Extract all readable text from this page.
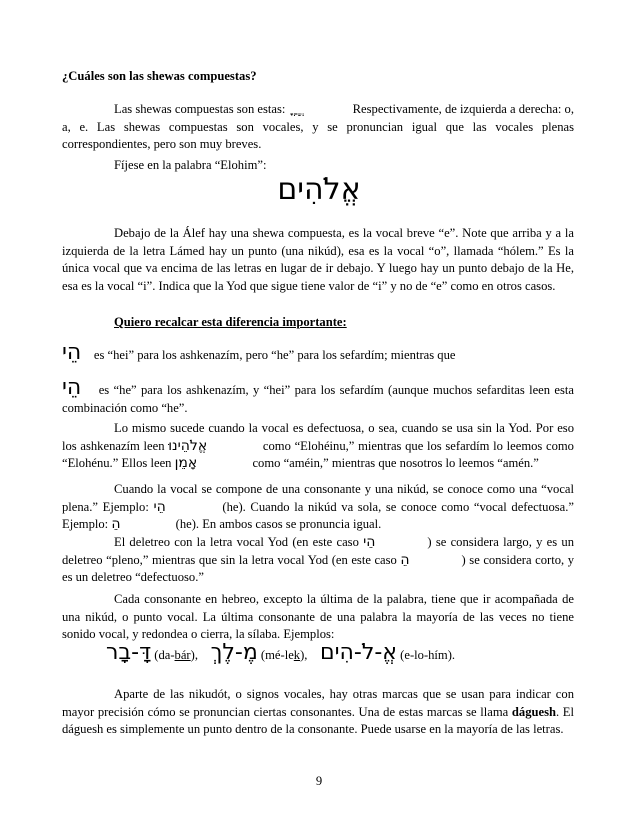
¿Cuáles son las shewas compuestas?
Las shewas compuestas son estas: ֱ ֲ ֳ	Respectivamente, de izquierda a derecha: o, a, e. Las shewas compuestas son vocales, y se pronuncian igual que las vocales plenas correspondientes, pero son muy breves.
Fíjese en la palabra “Elohim”:
אֱלֹהִים
Debajo de la Álef hay una shewa compuesta, es la vocal breve “e”. Note que arriba y a la izquierda de la letra Lámed hay un punto (una nikúd), esa es la vocal “o”, llamada “hólem.” Es la única vocal que va encima de las letras en lugar de ir debajo. Y luego hay un punto debajo de la He, esa es la vocal “i”. Indica que la Yod que sigue tiene valor de “i” y no de “e” como en otros casos.
Quiero recalcar esta diferencia importante:
הֵי es “hei” para los ashkenazím, pero “he” para los sefardím; mientras que
הֵי es “he” para los ashkenazím, y “hei” para los sefardím (aunque muchos sefarditas leen esta combinación como “he”.
Lo mismo sucede cuando la vocal es defectuosa, o sea, cuando se usa sin la Yod. Por eso los ashkenazím leen אֱלֹהֵינוּ	como “Elohéinu,” mientras que los sefardím lo leemos como “Elohénu.” Ellos leen אָמֵן	como “améin,” mientras que nosotros lo leemos “amén.”
Cuando la vocal se compone de una consonante y una nikúd, se conoce como una “vocal plena.” Ejemplo: הֵי	(he). Cuando la nikúd va sola, se conoce como “vocal defectuosa.” Ejemplo: הֵ	(he). En ambos casos se pronuncia igual.
El deletreo con la letra vocal Yod (en este caso הֵי	) se considera largo, y es un deletreo “pleno,” mientras que sin la letra vocal Yod (en este caso הֵ	) se considera corto, y es un deletreo “defectuoso.”
Cada consonante en hebreo, excepto la última de la palabra, tiene que ir acompañada de una nikúd, o punto vocal. La última consonante de una palabra la mayoría de las veces no tiene sonido vocal, y redondea o cierra, la sílaba. Ejemplos:
דָּ-בָר (da-bár), מֶ-לֶךְ (mé-lek), אֱ-לֹ-הִים (e-lo-hím).
Aparte de las nikudót, o signos vocales, hay otras marcas que se usan para indicar con mayor precisión cómo se pronuncian ciertas consonantes. Una de estas marcas se llama dáguesh. El dáguesh es simplemente un punto dentro de la consonante. Puede usarse en la mayoría de las letras.
9
